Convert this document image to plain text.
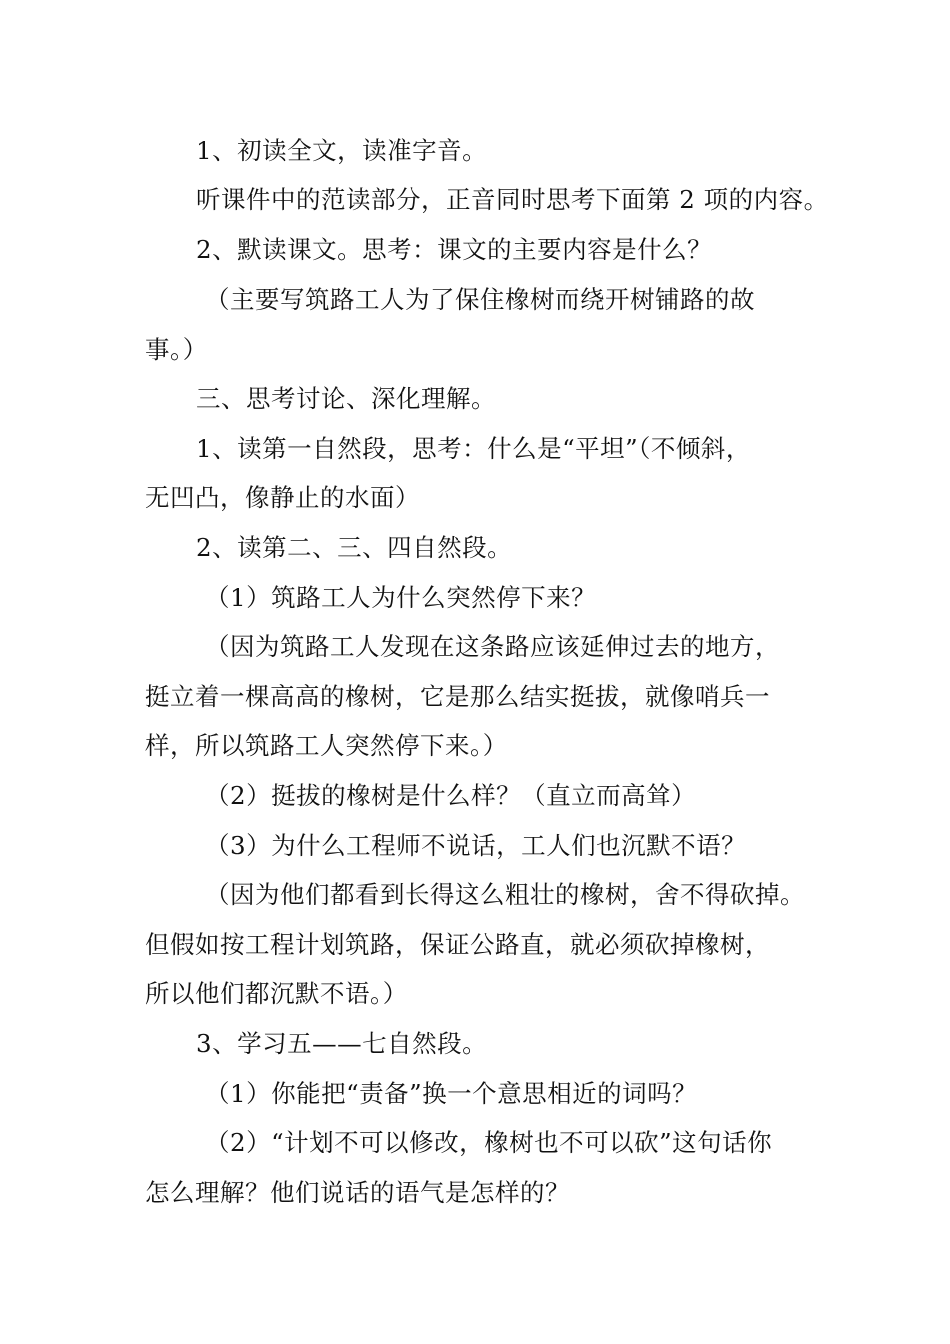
1、初读全文，读准字音。
听课件中的范读部分，正音同时思考下面第 2 项的内容。
2、默读课文。思考：课文的主要内容是什么？
（主要写筑路工人为了保住橡树而绕开树铺路的故
事。）
三、思考讨论、深化理解。
1、读第一自然段，思考：什么是“平坦”（不倾斜，
无凹凸，像静止的水面）
2、读第二、三、四自然段。
（1）筑路工人为什么突然停下来？
（因为筑路工人发现在这条路应该延伸过去的地方，
挺立着一棵高高的橡树，它是那么结实挺拔，就像哨兵一
样，所以筑路工人突然停下来。）
（2）挺拔的橡树是什么样？（直立而高耸）
（3）为什么工程师不说话，工人们也沉默不语？
（因为他们都看到长得这么粗壮的橡树，舍不得砍掉。
但假如按工程计划筑路，保证公路直，就必须砍掉橡树，
所以他们都沉默不语。）
3、学习五——七自然段。
（1）你能把“责备”换一个意思相近的词吗？
（2）“计划不可以修改，橡树也不可以砍”这句话你
怎么理解？他们说话的语气是怎样的？
